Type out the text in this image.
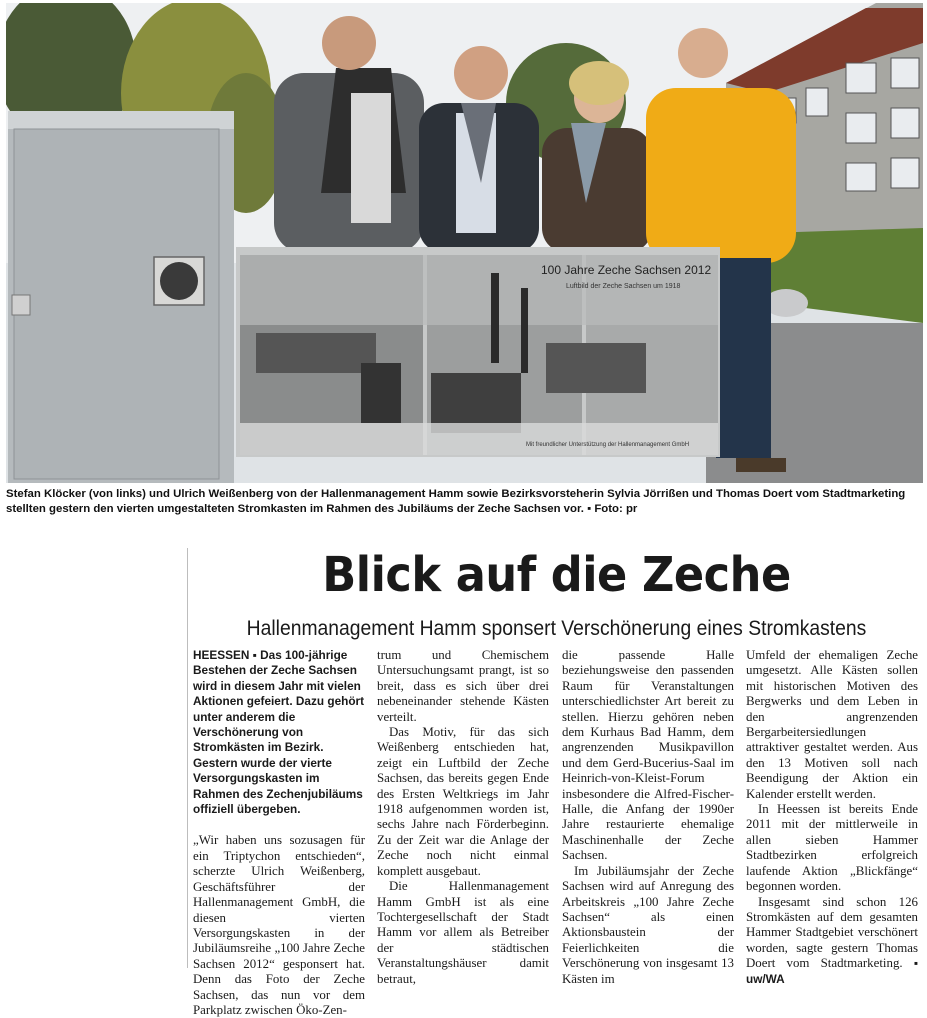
100 Jahre Zeche Sachsen 2012
Luftbild der Zeche Sachsen um 1918
Mit freundlicher Unterstützung der Hallenmanagement GmbH
Stefan Klöcker (von links) und Ulrich Weißenberg von der Hallenmanagement Hamm sowie Bezirksvorsteherin Sylvia Jörrißen und Thomas Doert vom Stadtmarketing stellten gestern den vierten umgestalteten Stromkasten im Rahmen des Jubiläums der Zeche Sachsen vor. ▪ Foto: pr
Blick auf die Zeche
Hallenmanagement Hamm sponsert Verschönerung eines Stromkastens

HEESSEN ▪ Das 100-jährige Bestehen der Zeche Sachsen wird in diesem Jahr mit vielen Aktionen gefeiert. Dazu gehört unter anderem die Verschönerung von Stromkästen im Bezirk. Gestern wurde der vierte Versorgungskasten im Rahmen des Zechenjubiläums offiziell übergeben.

„Wir haben uns sozusagen für ein Triptychon entschieden“, scherzte Ulrich Weißenberg, Geschäftsführer der Hallenmanagement GmbH, die diesen vierten Versorgungskasten in der Jubiläumsreihe „100 Jahre Zeche Sachsen 2012“ gesponsert hat. Denn das Foto der Zeche Sachsen, das nun vor dem Parkplatz zwischen Öko-Zen-

trum und Chemischem Untersuchungsamt prangt, ist so breit, dass es sich über drei nebeneinander stehende Kästen verteilt.

Das Motiv, für das sich Weißenberg entschieden hat, zeigt ein Luftbild der Zeche Sachsen, das bereits gegen Ende des Ersten Weltkriegs im Jahr 1918 aufgenommen worden ist, sechs Jahre nach Förderbeginn. Zu der Zeit war die Anlage der Zeche noch nicht einmal komplett ausgebaut.

Die Hallenmanagement Hamm GmbH ist als eine Tochtergesellschaft der Stadt Hamm vor allem als Betreiber der städtischen Veranstaltungshäuser damit betraut,

die passende Halle beziehungsweise den passenden Raum für Veranstaltungen unterschiedlichster Art bereit zu stellen. Hierzu gehören neben dem Kurhaus Bad Hamm, dem angrenzenden Musikpavillon und dem Gerd-Bucerius-Saal im Heinrich-von-Kleist-Forum insbesondere die Alfred-Fischer-Halle, die Anfang der 1990er Jahre restaurierte ehemalige Maschinenhalle der Zeche Sachsen.

Im Jubiläumsjahr der Zeche Sachsen wird auf Anregung des Arbeitskreis „100 Jahre Zeche Sachsen“ als einen Aktionsbaustein der Feierlichkeiten die Verschönerung von insgesamt 13 Kästen im

Umfeld der ehemaligen Zeche umgesetzt. Alle Kästen sollen mit historischen Motiven des Bergwerks und dem Leben in den angrenzenden Bergarbeitersiedlungen attraktiver gestaltet werden. Aus den 13 Motiven soll nach Beendigung der Aktion ein Kalender erstellt werden.

In Heessen ist bereits Ende 2011 mit der mittlerweile in allen sieben Hammer Stadtbezirken erfolgreich laufende Aktion „Blickfänge“ begonnen worden.

Insgesamt sind schon 126 Stromkästen auf dem gesamten Hammer Stadtgebiet verschönert worden, sagte gestern Thomas Doert vom Stadtmarketing. ▪ uw/WA
